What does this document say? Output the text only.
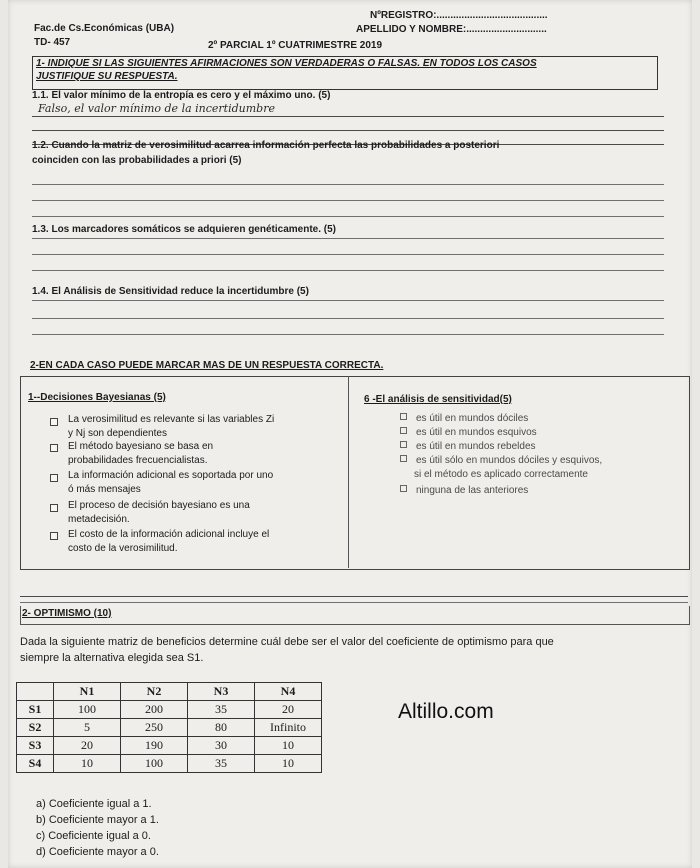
Fac.de Cs.Económicas (UBA)
TD- 457
NºREGISTRO:........................................
APELLIDO Y NOMBRE:.............................
2º PARCIAL 1º CUATRIMESTRE 2019
1- INDIQUE SI LAS SIGUIENTES AFIRMACIONES SON VERDADERAS O FALSAS. EN TODOS LOS CASOS
JUSTIFIQUE SU RESPUESTA.
1.1. El valor mínimo de la entropía es cero y el máximo uno. (5)
Falso, el valor mínimo de la incertidumbre
1.2. Cuando la matriz de verosimilitud acarrea información perfecta las probabilidades a posteriori
coinciden con las probabilidades a priori (5)
1.3. Los marcadores somáticos se adquieren genéticamente. (5)
1.4. El Análisis de Sensitividad reduce la incertidumbre (5)
2-EN CADA CASO PUEDE MARCAR MAS DE UN RESPUESTA CORRECTA.
1--Decisiones Bayesianas (5)
La verosimilitud es relevante si las variables Zi
y Nj son dependientes
El método bayesiano se basa en
probabilidades frecuencialistas.
La información adicional es soportada por uno
ó más mensajes
El proceso de decisión bayesiano es una
metadecisión.
El costo de la información adicional incluye el
costo de la verosimilitud.
6 -El análisis de sensitividad(5)
es útil en mundos dóciles
es útil en mundos esquivos
es útil en mundos rebeldes
es útil sólo en mundos dóciles y esquivos,
si el método es aplicado correctamente
ninguna de las anteriores
2- OPTIMISMO (10)
Dada la siguiente matriz de beneficios determine cuál debe ser el valor del coeficiente de optimismo para que
siempre la alternativa elegida sea S1.
	N1	N2	N3	N4
S1	100	200	35	20
S2	5	250	80	Infinito
S3	20	190	30	10
S4	10	100	35	10
Altillo.com
a) Coeficiente igual a 1.
b) Coeficiente mayor a 1.
c) Coeficiente igual a 0.
d) Coeficiente mayor a 0.
